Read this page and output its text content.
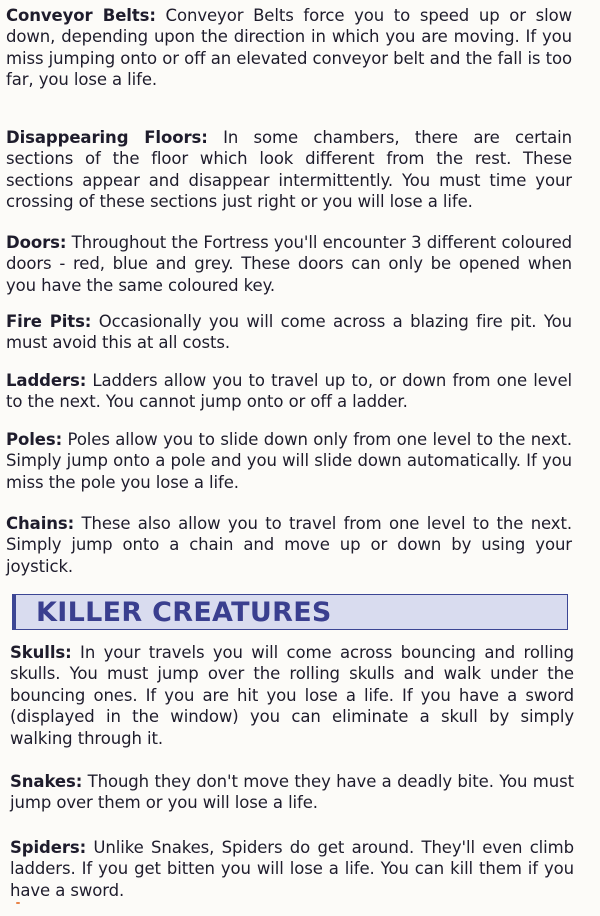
Conveyor Belts: Conveyor Belts force you to speed up or slow down, depending upon the direction in which you are moving. If you miss jumping onto or off an elevated conveyor belt and the fall is too far, you lose a life.

Disappearing Floors: In some chambers, there are certain sections of the floor which look different from the rest. These sections appear and disappear intermittently. You must time your crossing of these sections just right or you will lose a life.

Doors: Throughout the Fortress you'll encounter 3 different coloured doors - red, blue and grey. These doors can only be opened when you have the same coloured key.

Fire Pits: Occasionally you will come across a blazing fire pit. You must avoid this at all costs.

Ladders: Ladders allow you to travel up to, or down from one level to the next. You cannot jump onto or off a ladder.

Poles: Poles allow you to slide down only from one level to the next. Simply jump onto a pole and you will slide down automatically. If you miss the pole you lose a life.

Chains: These also allow you to travel from one level to the next. Simply jump onto a chain and move up or down by using your joystick.

KILLER CREATURES

Skulls: In your travels you will come across bouncing and rolling skulls. You must jump over the rolling skulls and walk under the bouncing ones. If you are hit you lose a life. If you have a sword (displayed in the window) you can eliminate a skull by simply walking through it.

Snakes: Though they don't move they have a deadly bite. You must jump over them or you will lose a life.

Spiders: Unlike Snakes, Spiders do get around. They'll even climb ladders. If you get bitten you will lose a life. You can kill them if you have a sword.
